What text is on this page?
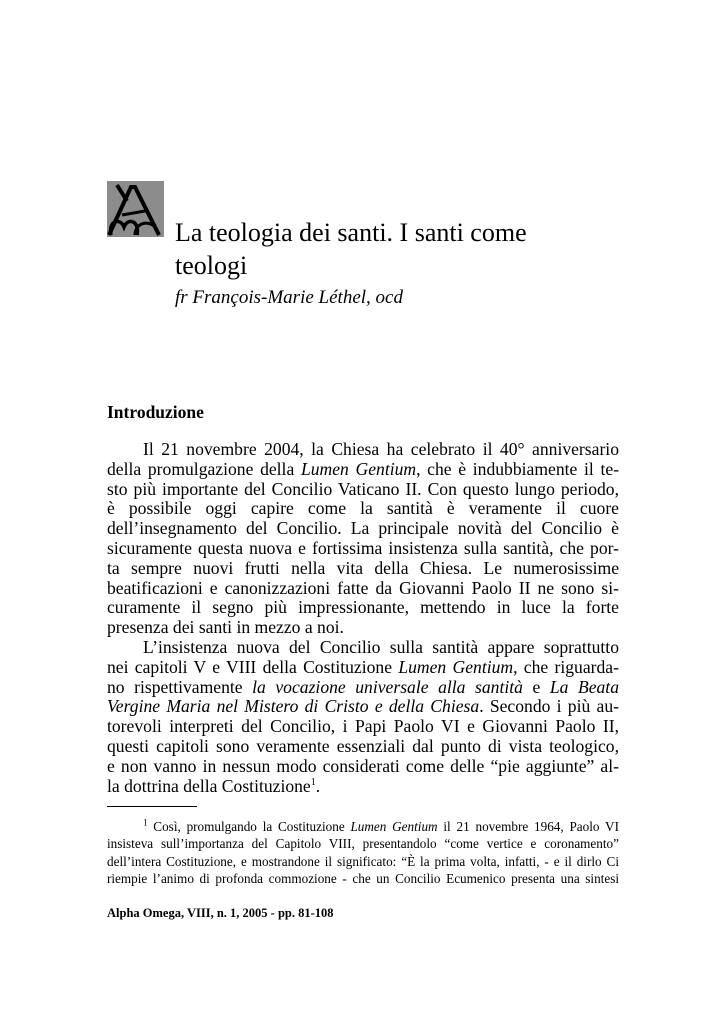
La teologia dei santi. I santi come
teologi
fr François-Marie Léthel, ocd
Introduzione
Il 21 novembre 2004, la Chiesa ha celebrato il 40° anniversario
della promulgazione della Lumen Gentium, che è indubbiamente il te-
sto più importante del Concilio Vaticano II. Con questo lungo periodo,
è possibile oggi capire come la santità è veramente il cuore
dell’insegnamento del Concilio. La principale novità del Concilio è
sicuramente questa nuova e fortissima insistenza sulla santità, che por-
ta sempre nuovi frutti nella vita della Chiesa. Le numerosissime
beatificazioni e canonizzazioni fatte da Giovanni Paolo II ne sono si-
curamente il segno più impressionante, mettendo in luce la forte
presenza dei santi in mezzo a noi.
L’insistenza nuova del Concilio sulla santità appare soprattutto
nei capitoli V e VIII della Costituzione Lumen Gentium, che riguarda-
no rispettivamente la vocazione universale alla santità e La Beata
Vergine Maria nel Mistero di Cristo e della Chiesa. Secondo i più au-
torevoli interpreti del Concilio, i Papi Paolo VI e Giovanni Paolo II,
questi capitoli sono veramente essenziali dal punto di vista teologico,
e non vanno in nessun modo considerati come delle “pie aggiunte” al-
la dottrina della Costituzione$^1$.
$^1$ Così, promulgando la Costituzione Lumen Gentium il 21 novembre 1964, Paolo VI
insisteva sull’importanza del Capitolo VIII, presentandolo “come vertice e coronamento”
dell’intera Costituzione, e mostrandone il significato: “È la prima volta, infatti, - e il dirlo Ci
riempie l’animo di profonda commozione - che un Concilio Ecumenico presenta una sintesi
Alpha Omega, VIII, n. 1, 2005 - pp. 81-108
